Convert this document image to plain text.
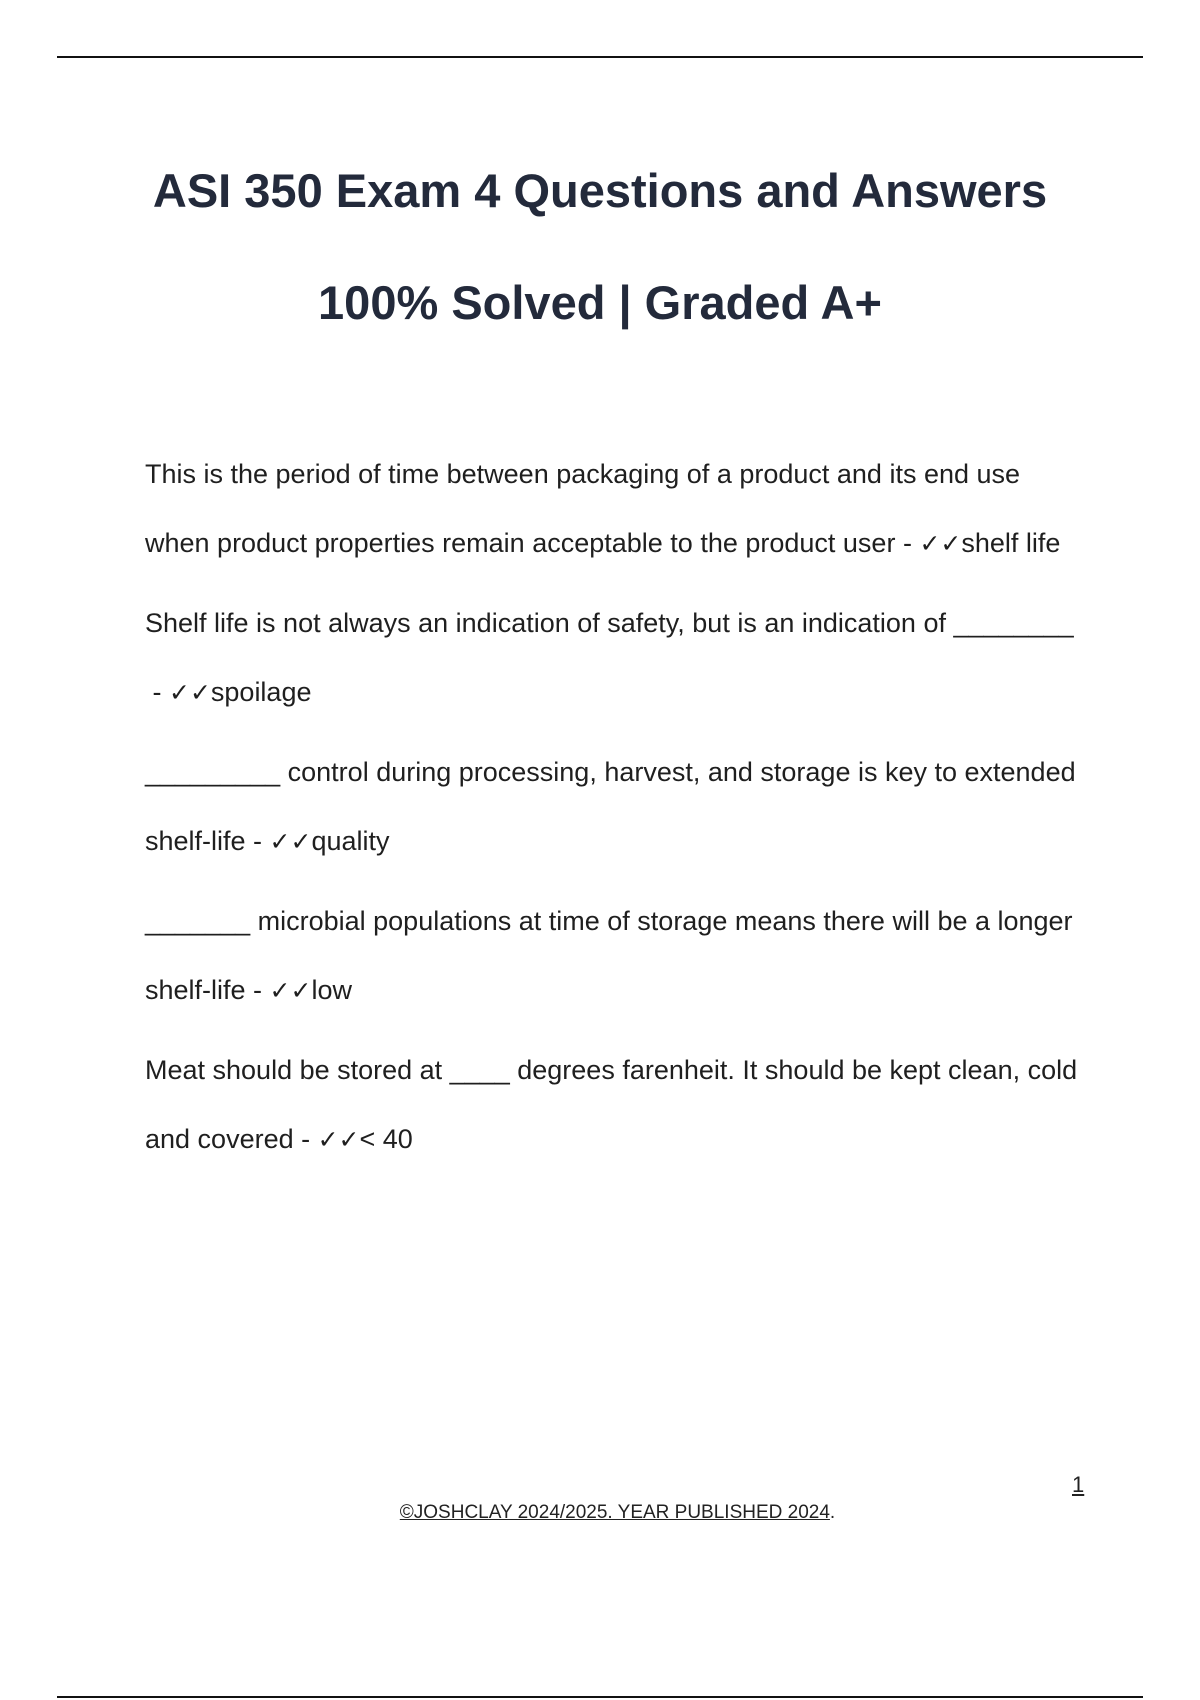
ASI 350 Exam 4 Questions and Answers
100% Solved | Graded A+

This is the period of time between packaging of a product and its end use when product properties remain acceptable to the product user - ✓✓shelf life

Shelf life is not always an indication of safety, but is an indication of ________ - ✓✓spoilage

_________ control during processing, harvest, and storage is key to extended shelf-life - ✓✓quality

_______ microbial populations at time of storage means there will be a longer shelf-life - ✓✓low

Meat should be stored at ____ degrees farenheit. It should be kept clean, cold and covered - ✓✓< 40

1
©JOSHCLAY 2024/2025. YEAR PUBLISHED 2024.
